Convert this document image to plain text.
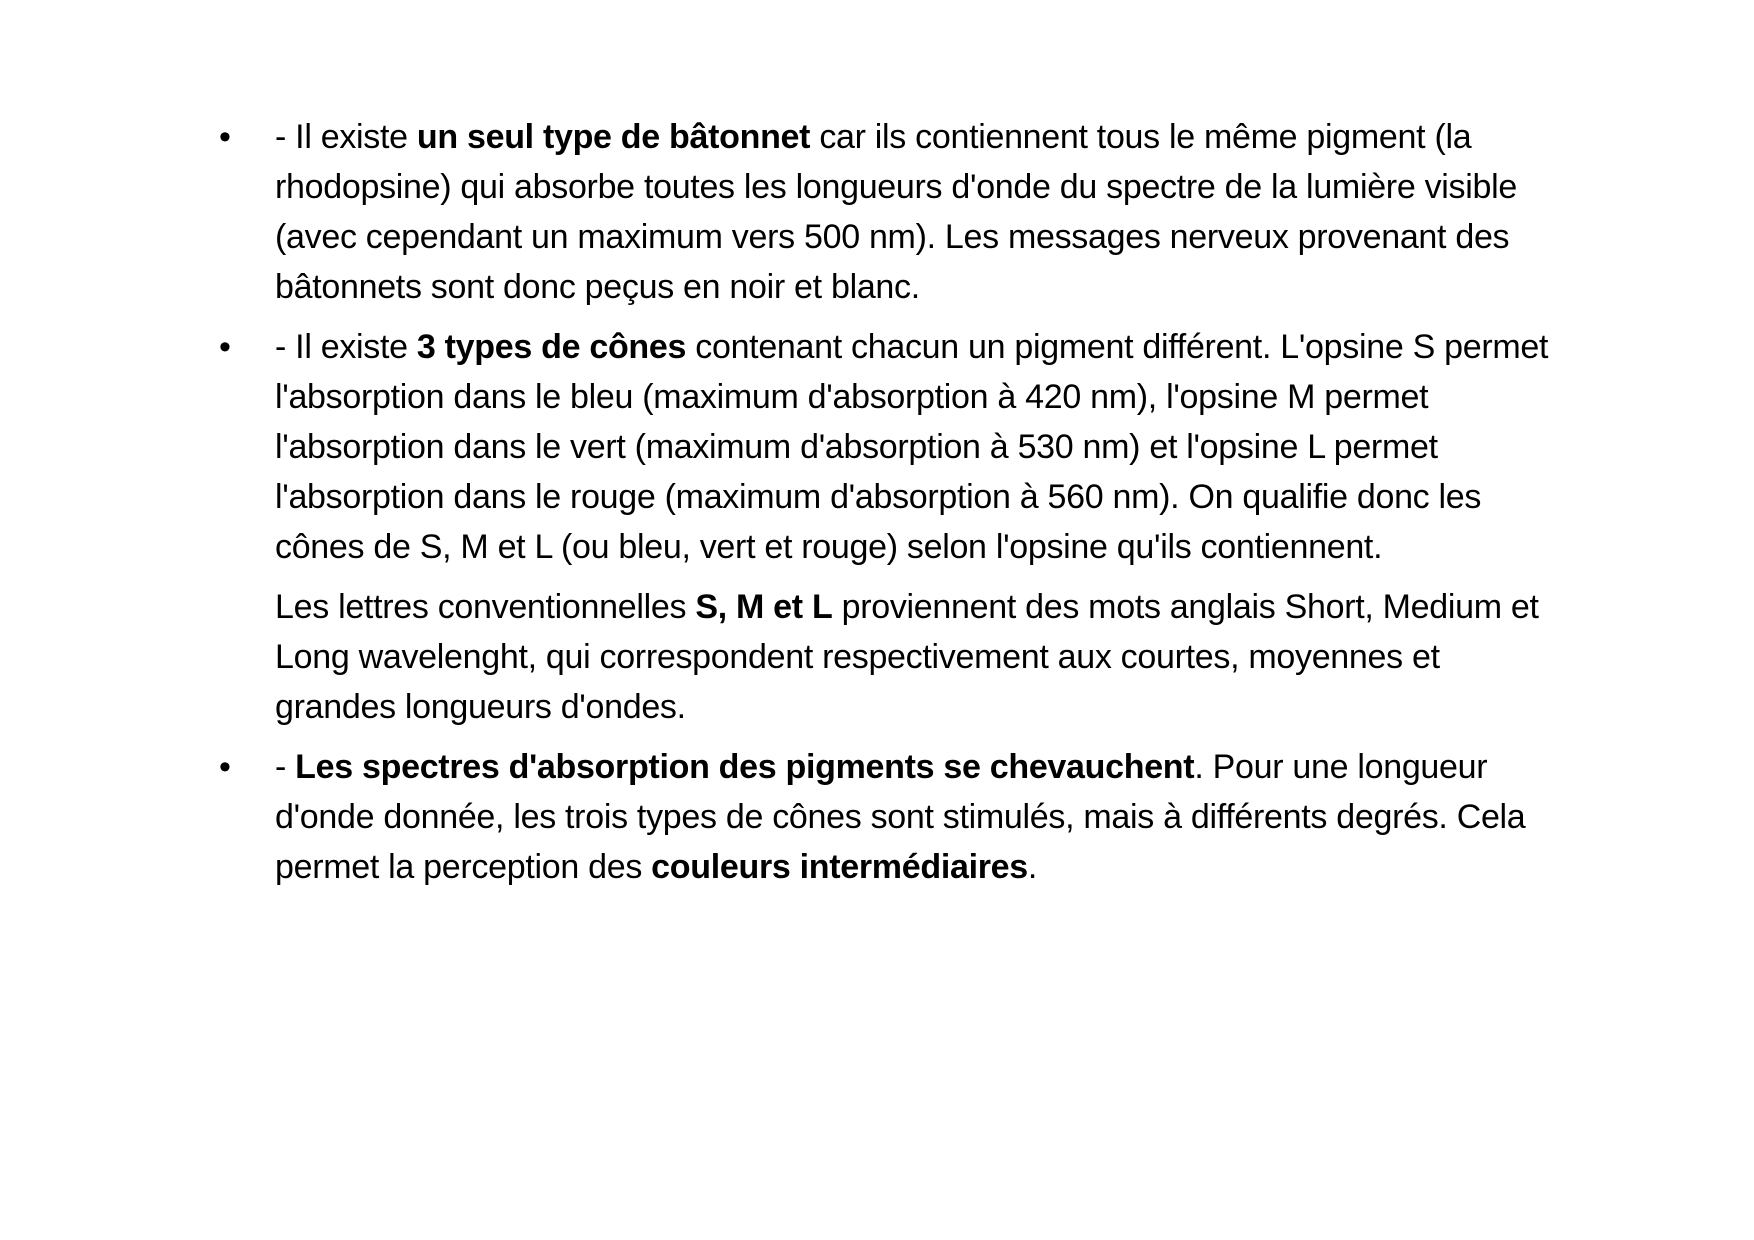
• - Il existe un seul type de bâtonnet car ils contiennent tous le même pigment (la rhodopsine) qui absorbe toutes les longueurs d'onde du spectre de la lumière visible (avec cependant un maximum vers 500 nm). Les messages nerveux provenant des bâtonnets sont donc peçus en noir et blanc.

• - Il existe 3 types de cônes contenant chacun un pigment différent. L'opsine S permet l'absorption dans le bleu (maximum d'absorption à 420 nm), l'opsine M permet l'absorption dans le vert (maximum d'absorption à 530 nm) et l'opsine L permet l'absorption dans le rouge (maximum d'absorption à 560 nm). On qualifie donc les cônes de S, M et L (ou bleu, vert et rouge) selon l'opsine qu'ils contiennent.

Les lettres conventionnelles S, M et L proviennent des mots anglais Short, Medium et Long wavelenght, qui correspondent respectivement aux courtes, moyennes et grandes longueurs d'ondes.

• - Les spectres d'absorption des pigments se chevauchent. Pour une longueur d'onde donnée, les trois types de cônes sont stimulés, mais à différents degrés. Cela permet la perception des couleurs intermédiaires.
